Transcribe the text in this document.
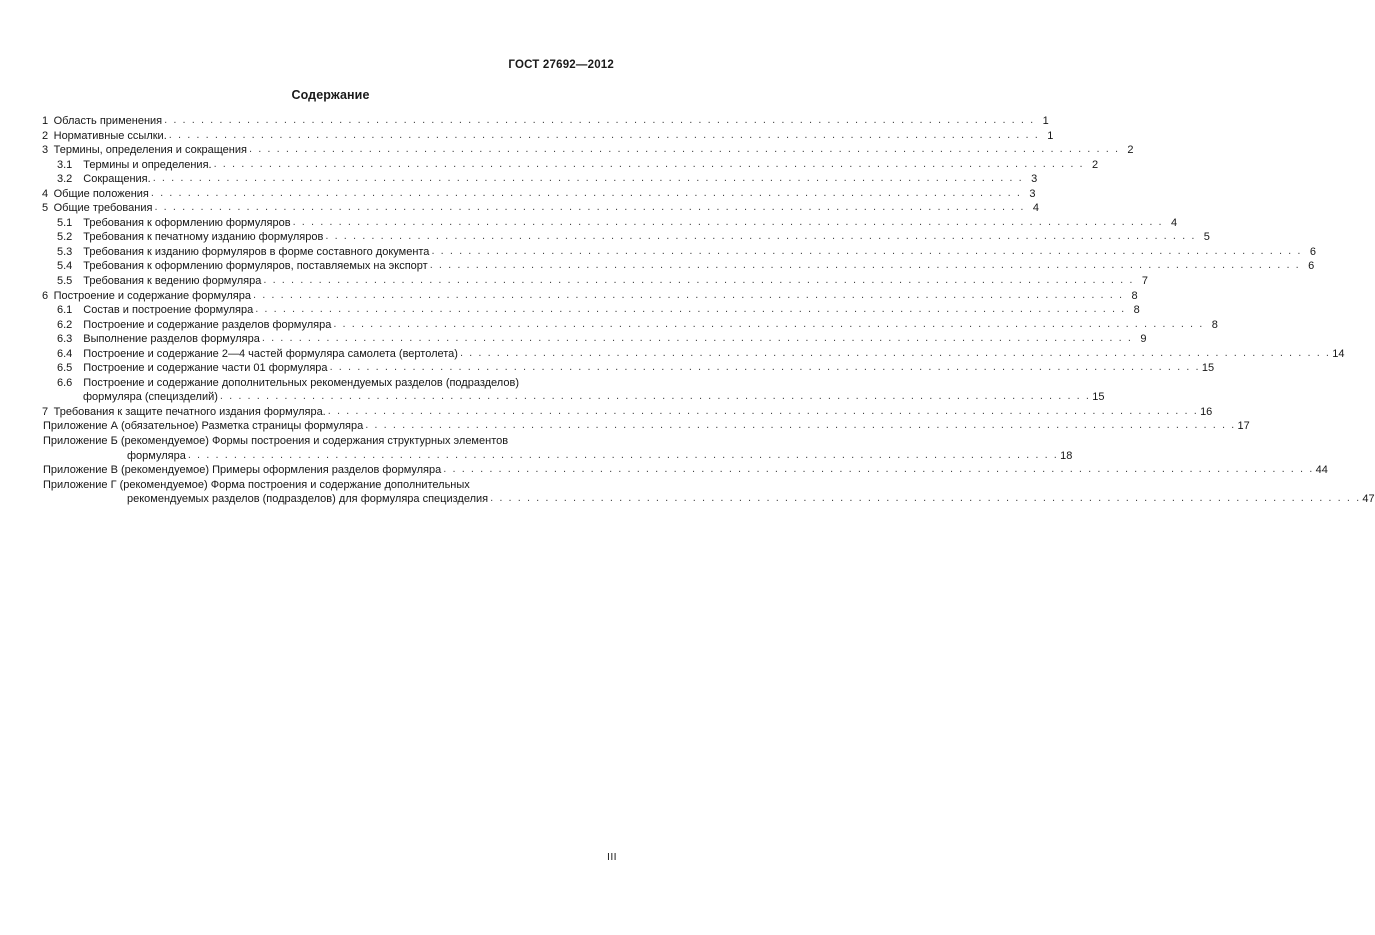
ГОСТ 27692—2012
Содержание
1  Область применения . . .	1
2  Нормативные ссылки. . . .	1
3  Термины, определения и сокращения . . .	2
3.1  Термины и определения. . . .	2
3.2  Сокращения. . . .	3
4  Общие положения . . .	3
5  Общие требования . . .	4
5.1  Требования к оформлению формуляров . . .	4
5.2  Требования к печатному изданию формуляров . . .	5
5.3  Требования к изданию формуляров в форме составного документа . . .	6
5.4  Требования к оформлению формуляров, поставляемых на экспорт . . .	6
5.5  Требования к ведению формуляра . . .	7
6  Построение и содержание формуляра . . .	8
6.1  Состав и построение формуляра . . .	8
6.2  Построение и содержание разделов формуляра . . .	8
6.3  Выполнение разделов формуляра . . .	9
6.4  Построение и содержание 2—4 частей формуляра самолета (вертолета) . . .	14
6.5  Построение и содержание части 01 формуляра . . .	15
6.6  Построение и содержание дополнительных рекомендуемых разделов (подразделов)
формуляра (специзделий) . . .	15
7  Требования к защите печатного издания формуляра. . . .	16
Приложение А (обязательное) Разметка страницы формуляра . . .	17
Приложение Б (рекомендуемое) Формы построения и содержания структурных элементов
формуляра . . .	18
Приложение В (рекомендуемое) Примеры оформления разделов формуляра . . .	44
Приложение Г (рекомендуемое) Форма построения и содержание дополнительных
рекомендуемых разделов (подразделов) для формуляра специзделия . . .	47
III
